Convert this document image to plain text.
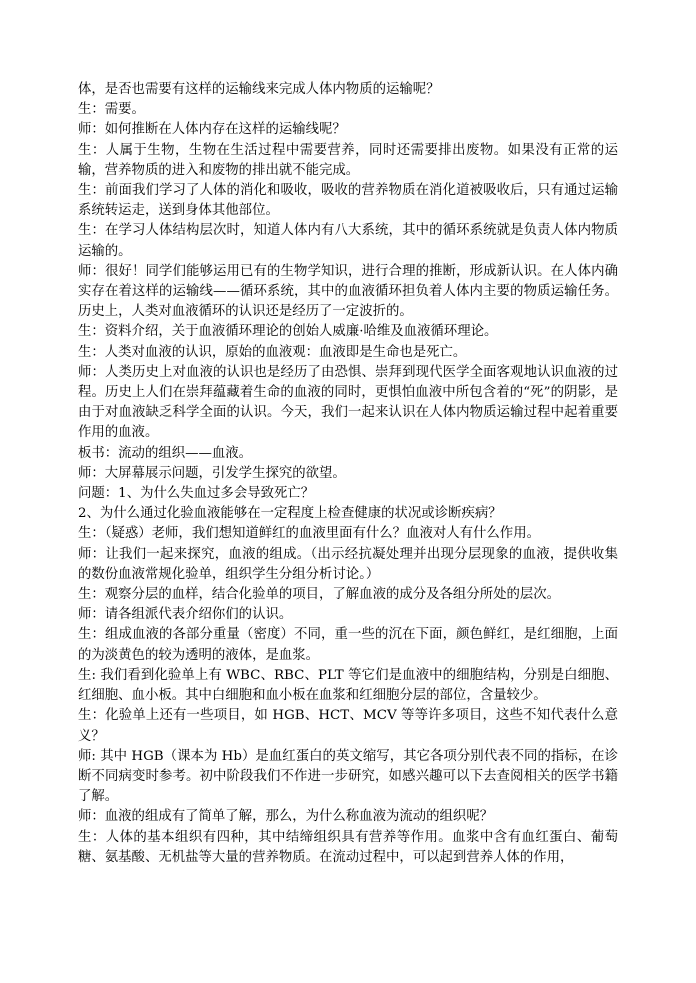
体，是否也需要有这样的运输线来完成人体内物质的运输呢？

生：需要。

师：如何推断在人体内存在这样的运输线呢？

生：人属于生物，生物在生活过程中需要营养，同时还需要排出废物。如果没有正常的运输，营养物质的进入和废物的排出就不能完成。

生：前面我们学习了人体的消化和吸收，吸收的营养物质在消化道被吸收后，只有通过运输系统转运走，送到身体其他部位。

生：在学习人体结构层次时，知道人体内有八大系统，其中的循环系统就是负责人体内物质运输的。

师：很好！同学们能够运用已有的生物学知识，进行合理的推断，形成新认识。在人体内确实存在着这样的运输线——循环系统，其中的血液循环担负着人体内主要的物质运输任务。历史上，人类对血液循环的认识还是经历了一定波折的。

生：资料介绍，关于血液循环理论的创始人威廉·哈维及血液循环理论。

生：人类对血液的认识，原始的血液观：血液即是生命也是死亡。

师：人类历史上对血液的认识也是经历了由恐惧、崇拜到现代医学全面客观地认识血液的过程。历史上人们在崇拜蕴藏着生命的血液的同时，更惧怕血液中所包含着的“死”的阴影，是由于对血液缺乏科学全面的认识。今天，我们一起来认识在人体内物质运输过程中起着重要作用的血液。

板书：流动的组织——血液。

师：大屏幕展示问题，引发学生探究的欲望。

问题：1、为什么失血过多会导致死亡？

2、为什么通过化验血液能够在一定程度上检查健康的状况或诊断疾病？

生：（疑惑）老师，我们想知道鲜红的血液里面有什么？血液对人有什么作用。

师：让我们一起来探究，血液的组成。（出示经抗凝处理并出现分层现象的血液，提供收集的数份血液常规化验单，组织学生分组分析讨论。）

生：观察分层的血样，结合化验单的项目，了解血液的成分及各组分所处的层次。

师：请各组派代表介绍你们的认识。

生：组成血液的各部分重量（密度）不同，重一些的沉在下面，颜色鲜红，是红细胞，上面的为淡黄色的较为透明的液体，是血浆。

生: 我们看到化验单上有 WBC、RBC、PLT 等它们是血液中的细胞结构，分别是白细胞、红细胞、血小板。其中白细胞和血小板在血浆和红细胞分层的部位，含量较少。

生：化验单上还有一些项目，如 HGB、HCT、MCV 等等许多项目，这些不知代表什么意义？

师: 其中 HGB（课本为 Hb）是血红蛋白的英文缩写，其它各项分别代表不同的指标，在诊断不同病变时参考。初中阶段我们不作进一步研究，如感兴趣可以下去查阅相关的医学书籍了解。

师：血液的组成有了简单了解，那么，为什么称血液为流动的组织呢？

生：人体的基本组织有四种，其中结缔组织具有营养等作用。血浆中含有血红蛋白、葡萄糖、氨基酸、无机盐等大量的营养物质。在流动过程中，可以起到营养人体的作用，
